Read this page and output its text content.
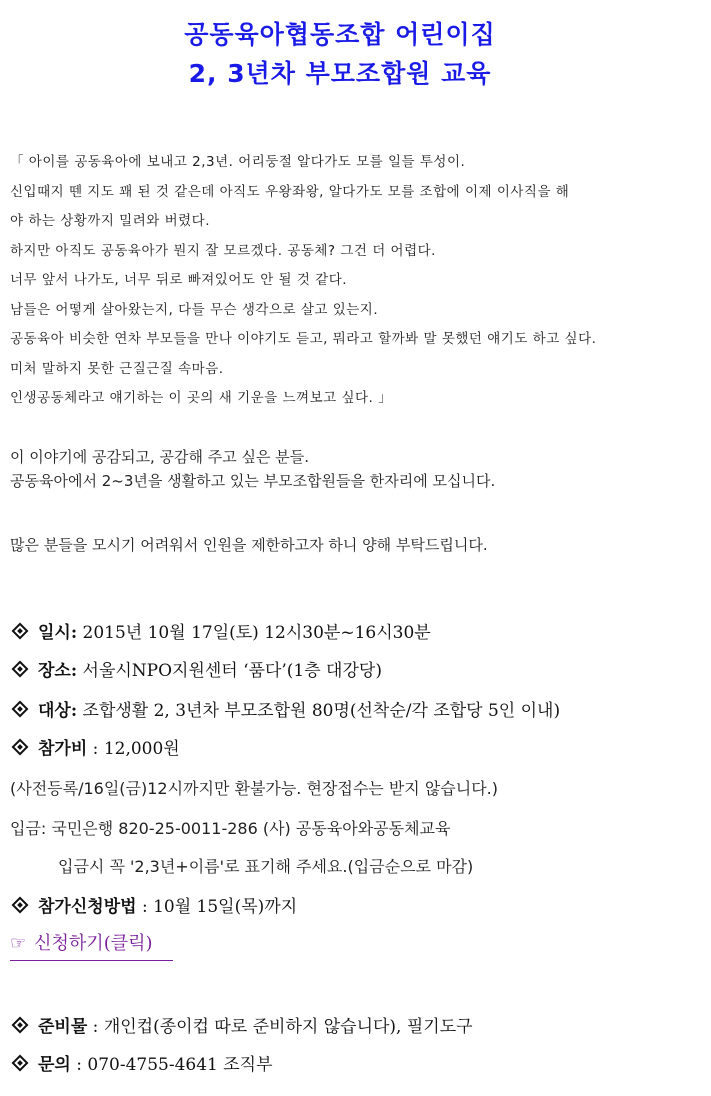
공동육아협동조합 어린이집
2, 3년차 부모조합원 교육
「 아이를 공동육아에 보내고 2,3년. 어리둥절 알다가도 모를 일들 투성이.
신입때지 뗀 지도 꽤 된 것 같은데 아직도 우왕좌왕, 알다가도 모를 조합에 이제 이사직을 해
야 하는 상황까지 밀려와 버렸다.
하지만 아직도 공동육아가 뭔지 잘 모르겠다. 공동체? 그건 더 어렵다.
너무 앞서 나가도, 너무 뒤로 빠져있어도 안 될 것 같다.
남들은 어떻게 살아왔는지, 다들 무슨 생각으로 살고 있는지.
공동육아 비슷한 연차 부모들을 만나 이야기도 듣고, 뭐라고 할까봐 말 못했던 얘기도 하고 싶다.
미처 말하지 못한 근질근질 속마음.
인생공동체라고 얘기하는 이 곳의 새 기운을 느껴보고 싶다. 」
이 이야기에 공감되고, 공감해 주고 싶은 분들.
공동육아에서 2~3년을 생활하고 있는 부모조합원들을 한자리에 모십니다.
많은 분들을 모시기 어려워서 인원을 제한하고자 하니 양해 부탁드립니다.
일시: 2015년 10월 17일(토) 12시30분~16시30분
장소: 서울시NPO지원센터 ‘품다’(1층 대강당)
대상: 조합생활 2, 3년차 부모조합원 80명(선착순/각 조합당 5인 이내)
참가비 : 12,000원
(사전등록/16일(금)12시까지만 환불가능. 현장접수는 받지 않습니다.)
입금: 국민은행 820-25-0011-286 (사) 공동육아와공동체교육
입금시 꼭 '2,3년+이름'로 표기해 주세요.(입금순으로 마감)
참가신청방법 : 10월 15일(목)까지
☞ 신청하기(클릭)
준비물 : 개인컵(종이컵 따로 준비하지 않습니다), 필기도구
문의 : 070-4755-4641 조직부
